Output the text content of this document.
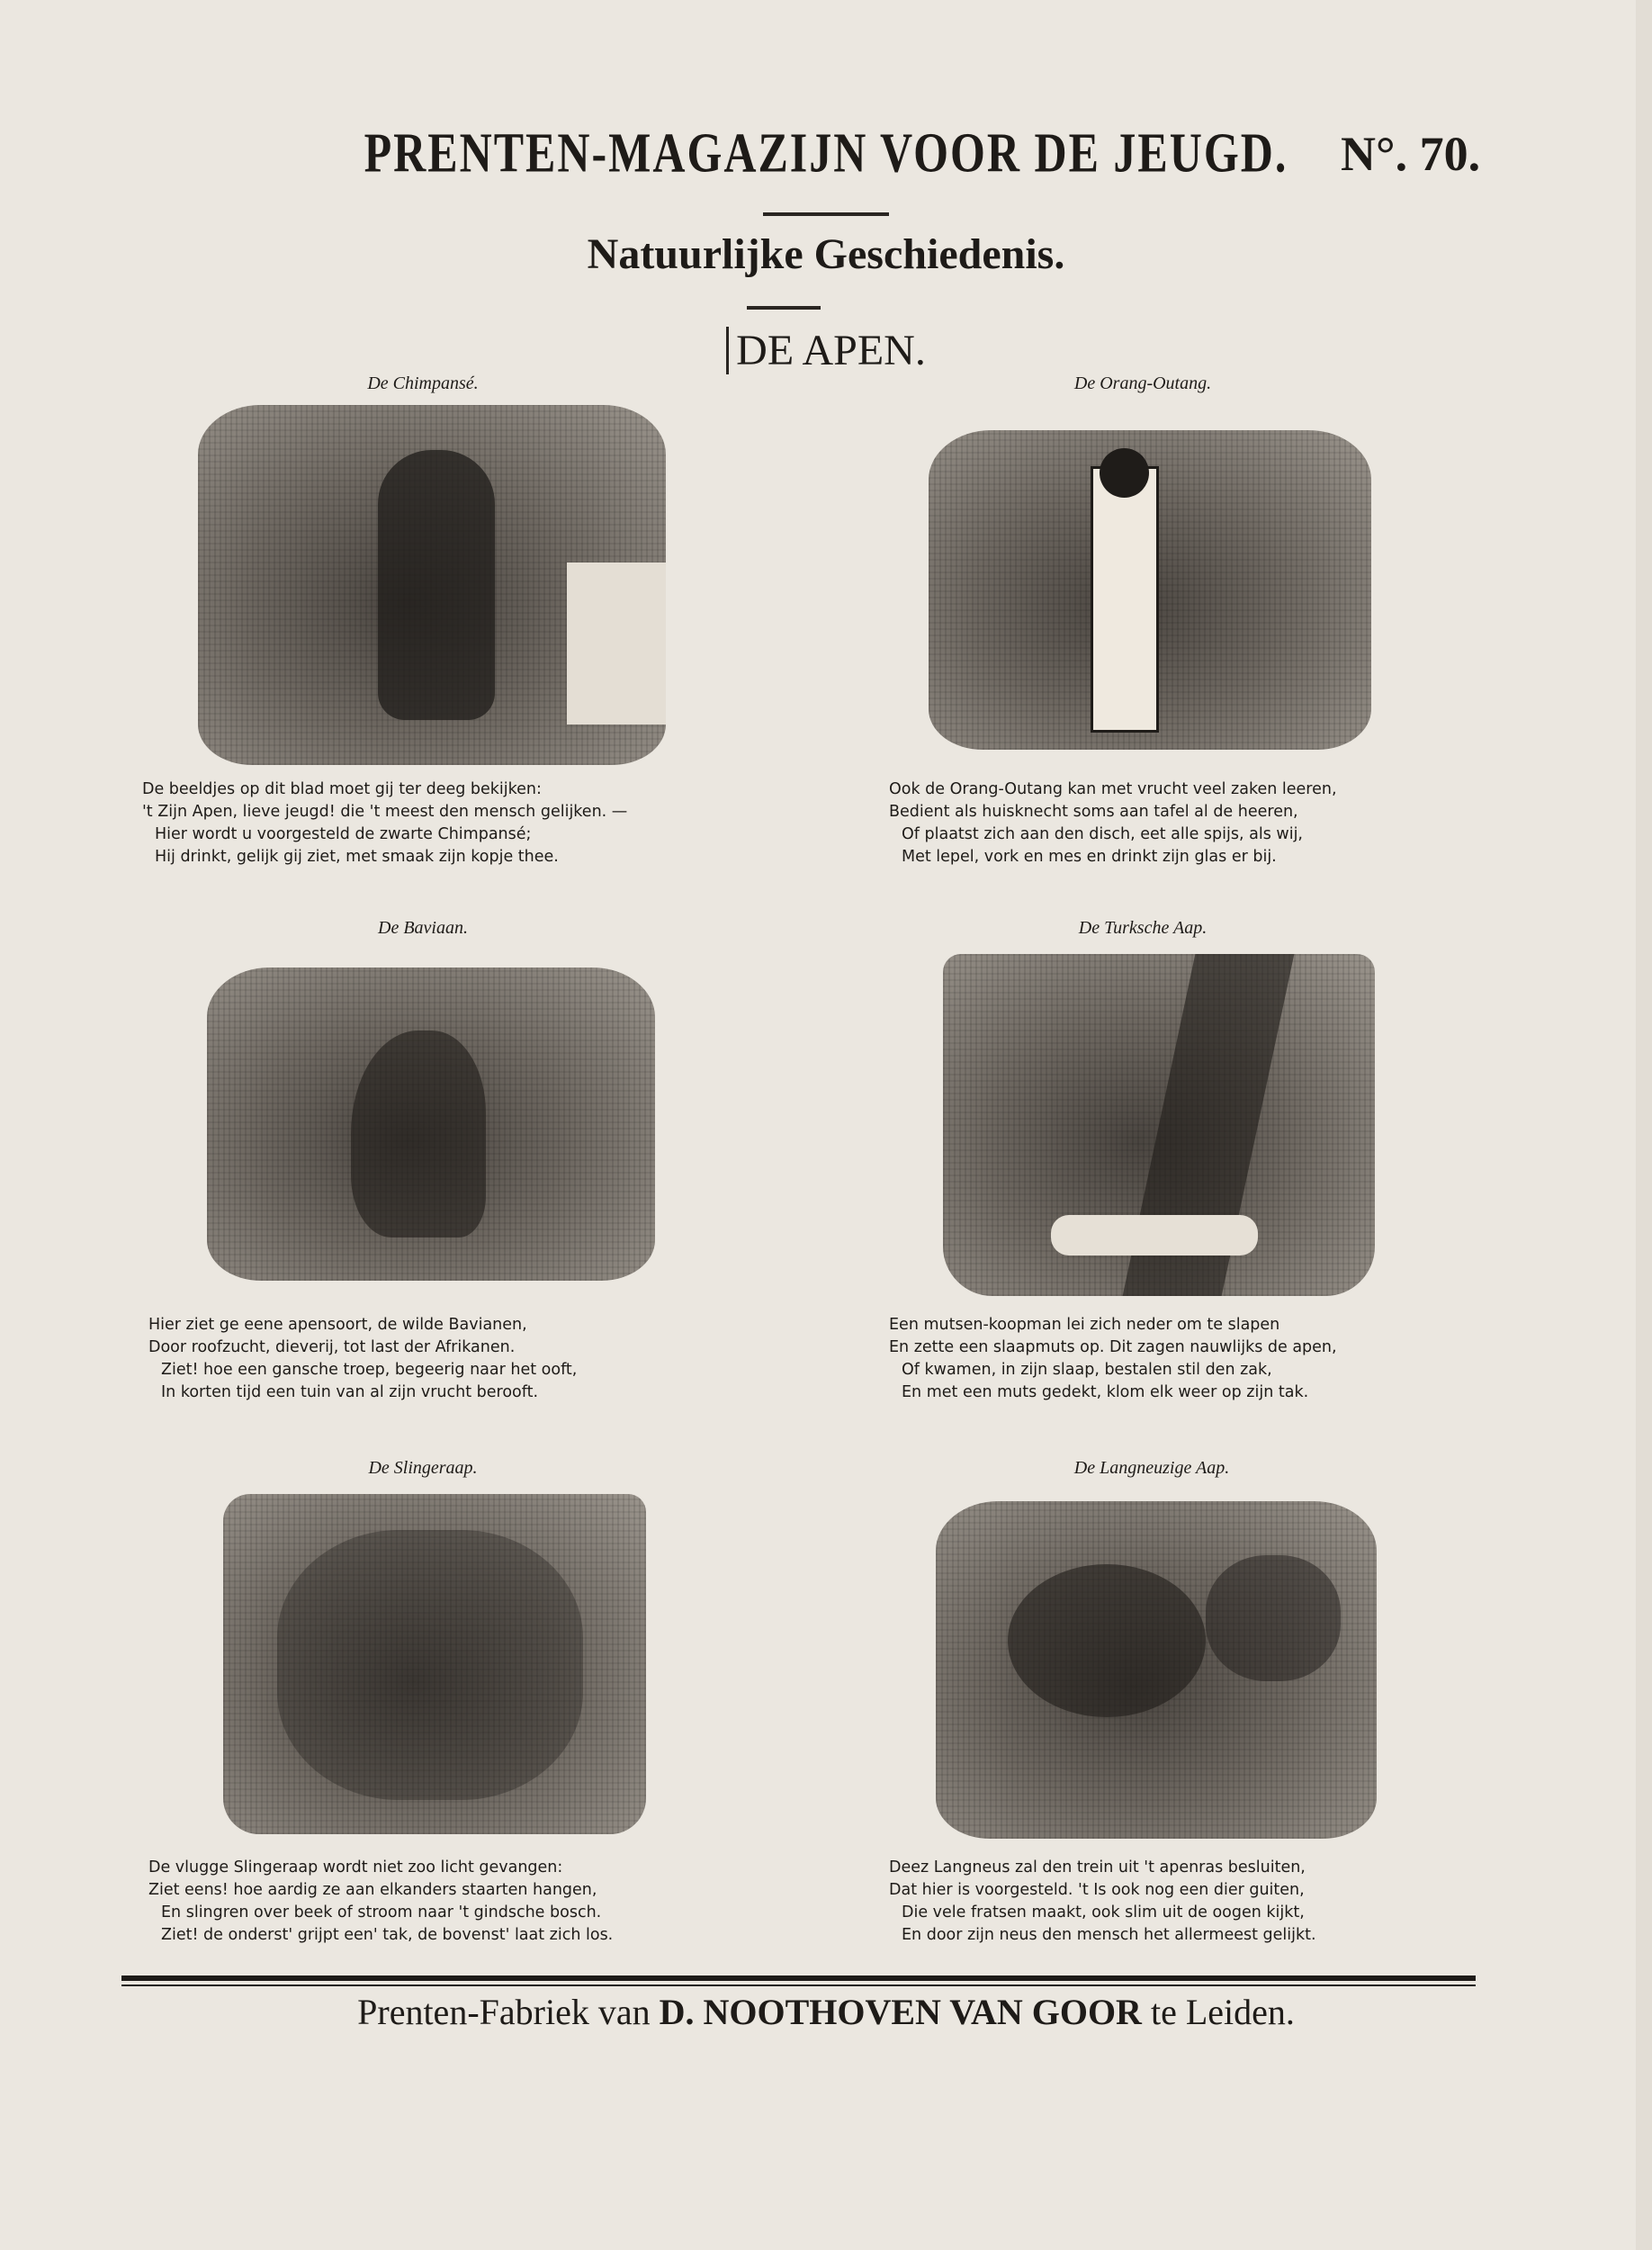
PRENTEN-MAGAZIJN VOOR DE JEUGD.	N°. 70.
Natuurlijke Geschiedenis.
DE APEN.
De Chimpansé.
De beeldjes op dit blad moet gij ter deeg bekijken:
't Zijn Apen, lieve jeugd! die 't meest den mensch gelijken. —
Hier wordt u voorgesteld de zwarte Chimpansé;
Hij drinkt, gelijk gij ziet, met smaak zijn kopje thee.
De Orang-Outang.
Ook de Orang-Outang kan met vrucht veel zaken leeren,
Bedient als huisknecht soms aan tafel al de heeren,
Of plaatst zich aan den disch, eet alle spijs, als wij,
Met lepel, vork en mes en drinkt zijn glas er bij.
De Baviaan.
Hier ziet ge eene apensoort, de wilde Bavianen,
Door roofzucht, dieverij, tot last der Afrikanen.
Ziet! hoe een gansche troep, begeerig naar het ooft,
In korten tijd een tuin van al zijn vrucht berooft.
De Turksche Aap.
Een mutsen-koopman lei zich neder om te slapen
En zette een slaapmuts op. Dit zagen nauwlijks de apen,
Of kwamen, in zijn slaap, bestalen stil den zak,
En met een muts gedekt, klom elk weer op zijn tak.
De Slingeraap.
De vlugge Slingeraap wordt niet zoo licht gevangen:
Ziet eens! hoe aardig ze aan elkanders staarten hangen,
En slingren over beek of stroom naar 't gindsche bosch.
Ziet! de onderst' grijpt een' tak, de bovenst' laat zich los.
De Langneuzige Aap.
Deez Langneus zal den trein uit 't apenras besluiten,
Dat hier is voorgesteld. 't Is ook nog een dier guiten,
Die vele fratsen maakt, ook slim uit de oogen kijkt,
En door zijn neus den mensch het allermeest gelijkt.
Prenten-Fabriek van D. NOOTHOVEN VAN GOOR te Leiden.
